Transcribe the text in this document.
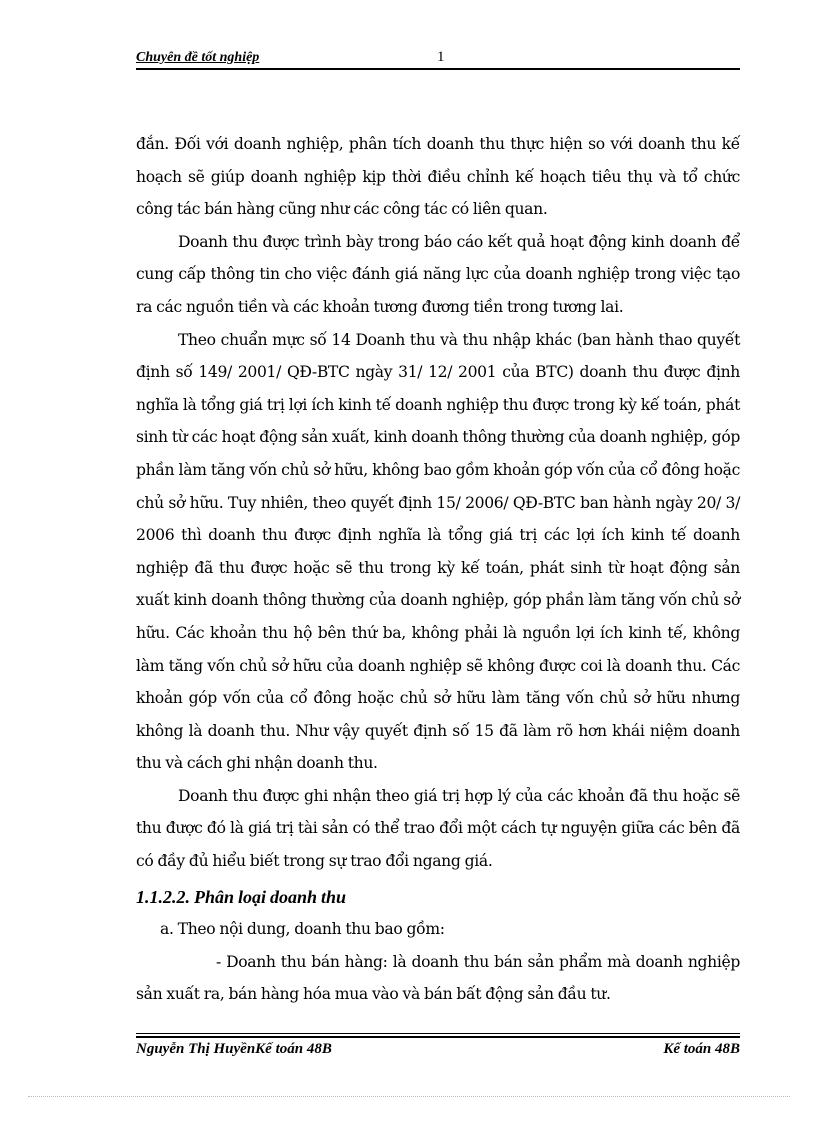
Chuyên đề tốt nghiệp	1

đắn. Đối với doanh nghiệp, phân tích doanh thu thực hiện so với doanh thu kế hoạch sẽ giúp doanh nghiệp kịp thời điều chỉnh kế hoạch tiêu thụ và tổ chức công tác bán hàng cũng như các công tác có liên quan.

Doanh thu được trình bày trong báo cáo kết quả hoạt động kinh doanh để cung cấp thông tin cho việc đánh giá năng lực của doanh nghiệp trong việc tạo ra các nguồn tiền và các khoản tương đương tiền trong tương lai.

Theo chuẩn mực số 14 Doanh thu và thu nhập khác (ban hành thao quyết định số 149/ 2001/ QĐ-BTC ngày 31/ 12/ 2001 của BTC) doanh thu được định nghĩa là tổng giá trị lợi ích kinh tế doanh nghiệp thu được trong kỳ kế toán, phát sinh từ các hoạt động sản xuất, kinh doanh thông thường của doanh nghiệp, góp phần làm tăng vốn chủ sở hữu, không bao gồm khoản góp vốn của cổ đông hoặc chủ sở hữu. Tuy nhiên, theo quyết định 15/ 2006/ QĐ-BTC ban hành ngày 20/ 3/ 2006 thì doanh thu được định nghĩa là tổng giá trị các lợi ích kinh tế doanh nghiệp đã thu được hoặc sẽ thu trong kỳ kế toán, phát sinh từ hoạt động sản xuất kinh doanh thông thường của doanh nghiệp, góp phần làm tăng vốn chủ sở hữu. Các khoản thu hộ bên thứ ba, không phải là nguồn lợi ích kinh tế, không làm tăng vốn chủ sở hữu của doanh nghiệp sẽ không được coi là doanh thu. Các khoản góp vốn của cổ đông hoặc chủ sở hữu làm tăng vốn chủ sở hữu nhưng không là doanh thu. Như vậy quyết định số 15 đã làm rõ hơn khái niệm doanh thu và cách ghi nhận doanh thu.

Doanh thu được ghi nhận theo giá trị hợp lý của các khoản đã thu hoặc sẽ thu được đó là giá trị tài sản có thể trao đổi một cách tự nguyện giữa các bên đã có đầy đủ hiểu biết trong sự trao đổi ngang giá.

1.1.2.2. Phân loại doanh thu

a. Theo nội dung, doanh thu bao gồm:

- Doanh thu bán hàng: là doanh thu bán sản phẩm mà doanh nghiệp sản xuất ra, bán hàng hóa mua vào và bán bất động sản đầu tư.

Nguyễn Thị HuyềnKế toán 48B	Kế toán 48B
